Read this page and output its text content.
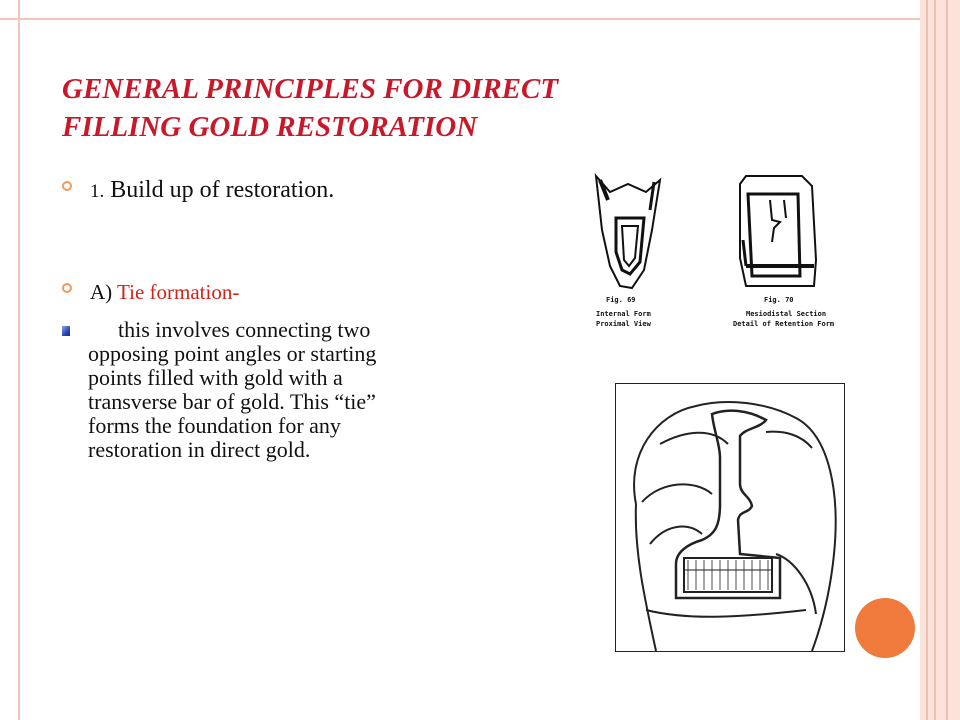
GENERAL PRINCIPLES FOR DIRECT
FILLING GOLD RESTORATION
1. Build up of restoration.
A) Tie formation-
this involves connecting two opposing point angles or starting points filled with gold with a transverse bar of gold. This “tie” forms the foundation for any restoration in direct gold.
Fig. 69
Internal Form
Proximal View
Fig. 70
Mesiodistal Section
Detail of Retention Form
